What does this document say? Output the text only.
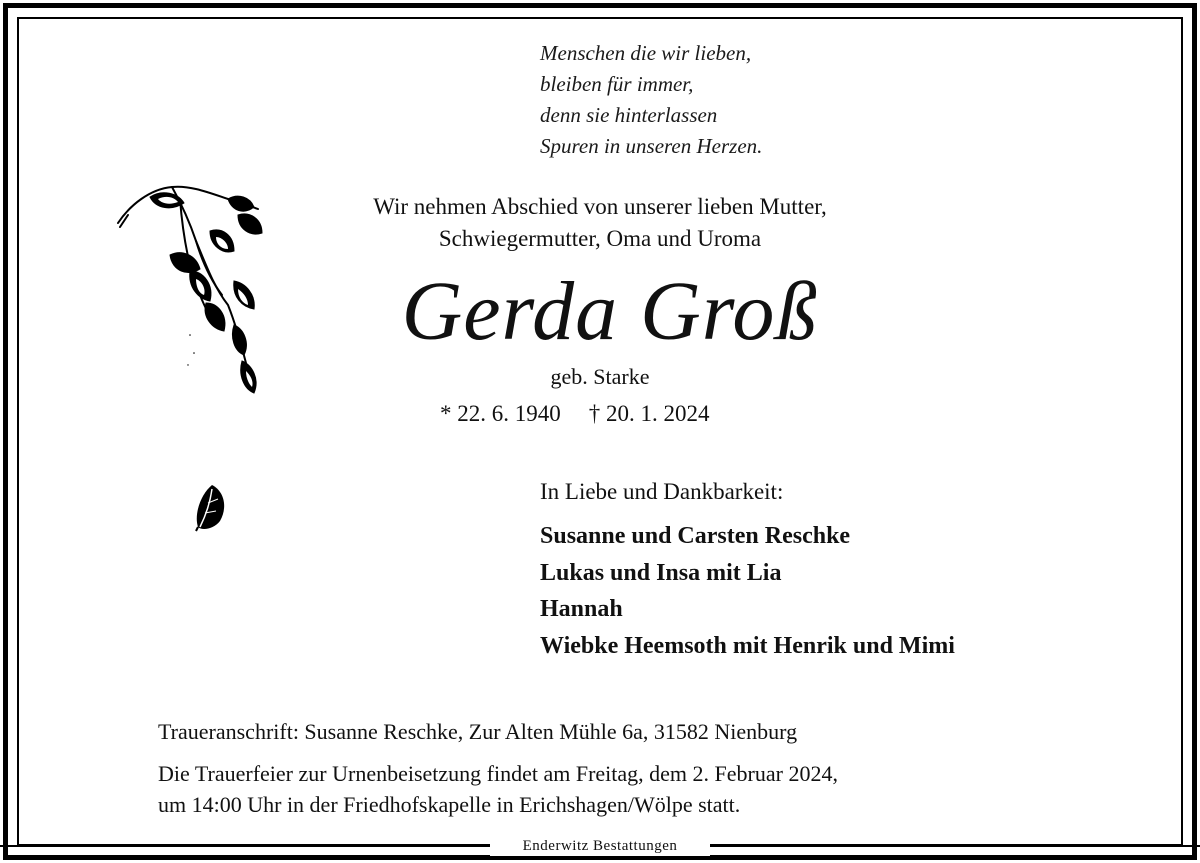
Menschen die wir lieben,
bleiben für immer,
denn sie hinterlassen
Spuren in unseren Herzen.
Wir nehmen Abschied von unserer lieben Mutter,
Schwiegermutter, Oma und Uroma
Gerda Groß
geb. Starke
* 22. 6. 1940 † 20. 1. 2024
In Liebe und Dankbarkeit:
Susanne und Carsten Reschke
Lukas und Insa mit Lia
Hannah
Wiebke Heemsoth mit Henrik und Mimi
Traueranschrift: Susanne Reschke, Zur Alten Mühle 6a, 31582 Nienburg
Die Trauerfeier zur Urnenbeisetzung findet am Freitag, dem 2. Februar 2024,
um 14:00 Uhr in der Friedhofskapelle in Erichshagen/Wölpe statt.
Enderwitz Bestattungen
